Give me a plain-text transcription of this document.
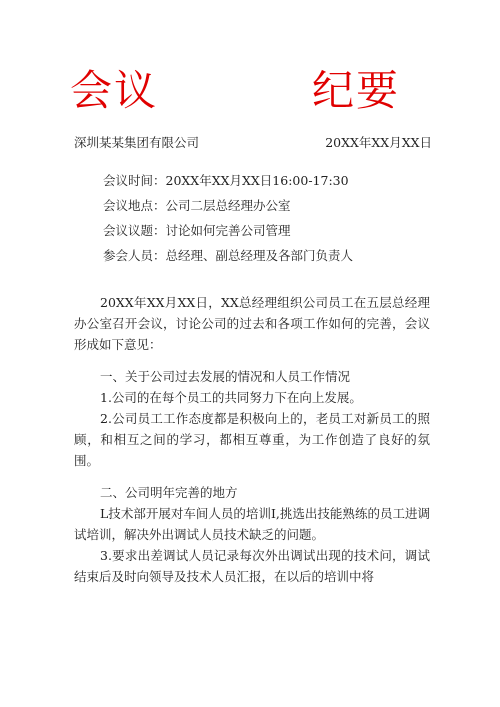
会议	纪要
深圳某某集团有限公司	20XX年XX月XX日
会议时间：20XX年XX月XX日16:00-17:30
会议地点：公司二层总经理办公室
会议议题：讨论如何完善公司管理
参会人员：总经理、副总经理及各部门负责人

20XX年XX月XX日，XX总经理组织公司员工在五层总经理办公室召开会议，讨论公司的过去和各项工作如何的完善，会议形成如下意见：

一、关于公司过去发展的情况和人员工作情况

1.公司的在每个员工的共同努力下在向上发展。

2.公司员工工作态度都是积极向上的，老员工对新员工的照顾，和相互之间的学习，都相互尊重，为工作创造了良好的氛围。

二、公司明年完善的地方

L技术部开展对车间人员的培训I,挑选出技能熟练的员工进调试培训，解决外出调试人员技术缺乏的问题。

3.要求出差调试人员记录每次外出调试出现的技术问，调试结束后及时向领导及技术人员汇报，在以后的培训中将
